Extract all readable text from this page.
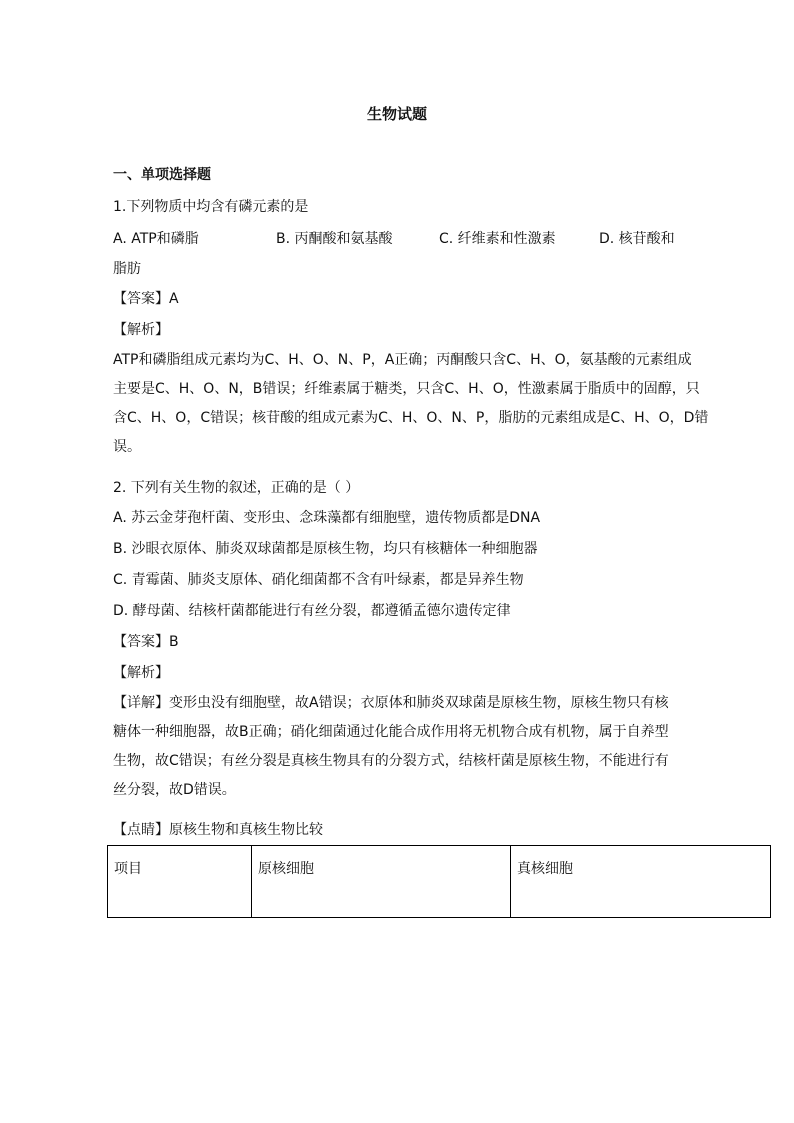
生物试题
一、单项选择题
1.下列物质中均含有磷元素的是
A. ATP和磷脂	B. 丙酮酸和氨基酸	C. 纤维素和性激素	D. 核苷酸和
脂肪
【答案】A
【解析】
ATP和磷脂组成元素均为C、H、O、N、P，A正确；丙酮酸只含C、H、O，氨基酸的元素组成
主要是C、H、O、N，B错误；纤维素属于糖类，只含C、H、O，性激素属于脂质中的固醇，只
含C、H、O，C错误；核苷酸的组成元素为C、H、O、N、P，脂肪的元素组成是C、H、O，D错
误。
2. 下列有关生物的叙述，正确的是（ ）
A. 苏云金芽孢杆菌、变形虫、念珠藻都有细胞壁，遗传物质都是DNA
B. 沙眼衣原体、肺炎双球菌都是原核生物，均只有核糖体一种细胞器
C. 青霉菌、肺炎支原体、硝化细菌都不含有叶绿素，都是异养生物
D. 酵母菌、结核杆菌都能进行有丝分裂，都遵循孟德尔遗传定律
【答案】B
【解析】
【详解】变形虫没有细胞壁，故A错误；衣原体和肺炎双球菌是原核生物，原核生物只有核
糖体一种细胞器，故B正确；硝化细菌通过化能合成作用将无机物合成有机物，属于自养型
生物，故C错误；有丝分裂是真核生物具有的分裂方式，结核杆菌是原核生物，不能进行有
丝分裂，故D错误。
【点睛】原核生物和真核生物比较
项目	原核细胞	真核细胞
